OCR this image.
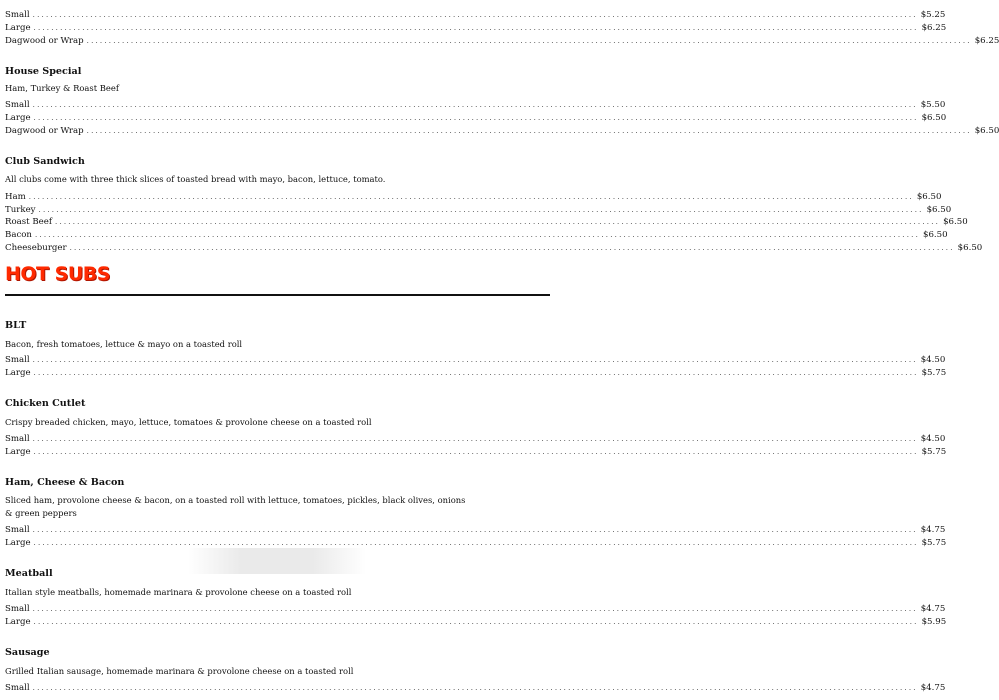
Small ........................................................................................................................................................................................................ $5.25
Large ........................................................................................................................................................................................................ $6.25
Dagwood or Wrap ........................................................................................................................................................................................................ $6.25
House Special
Ham, Turkey & Roast Beef
Small ........................................................................................................................................................................................................ $5.50
Large ........................................................................................................................................................................................................ $6.50
Dagwood or Wrap ........................................................................................................................................................................................................ $6.50
Club Sandwich
All clubs come with three thick slices of toasted bread with mayo, bacon, lettuce, tomato.
Ham ........................................................................................................................................................................................................ $6.50
Turkey ........................................................................................................................................................................................................ $6.50
Roast Beef ........................................................................................................................................................................................................ $6.50
Bacon ........................................................................................................................................................................................................ $6.50
Cheeseburger ........................................................................................................................................................................................................ $6.50
HOT SUBS
BLT
Bacon, fresh tomatoes, lettuce & mayo on a toasted roll
Small ........................................................................................................................................................................................................ $4.50
Large ........................................................................................................................................................................................................ $5.75
Chicken Cutlet
Crispy breaded chicken, mayo, lettuce, tomatoes & provolone cheese on a toasted roll
Small ........................................................................................................................................................................................................ $4.50
Large ........................................................................................................................................................................................................ $5.75
Ham, Cheese & Bacon
Sliced ham, provolone cheese & bacon, on a toasted roll with lettuce, tomatoes, pickles, black olives, onions & green peppers
Small ........................................................................................................................................................................................................ $4.75
Large ........................................................................................................................................................................................................ $5.75
Meatball
Italian style meatballs, homemade marinara & provolone cheese on a toasted roll
Small ........................................................................................................................................................................................................ $4.75
Large ........................................................................................................................................................................................................ $5.95
Sausage
Grilled Italian sausage, homemade marinara & provolone cheese on a toasted roll
Small ........................................................................................................................................................................................................ $4.75
